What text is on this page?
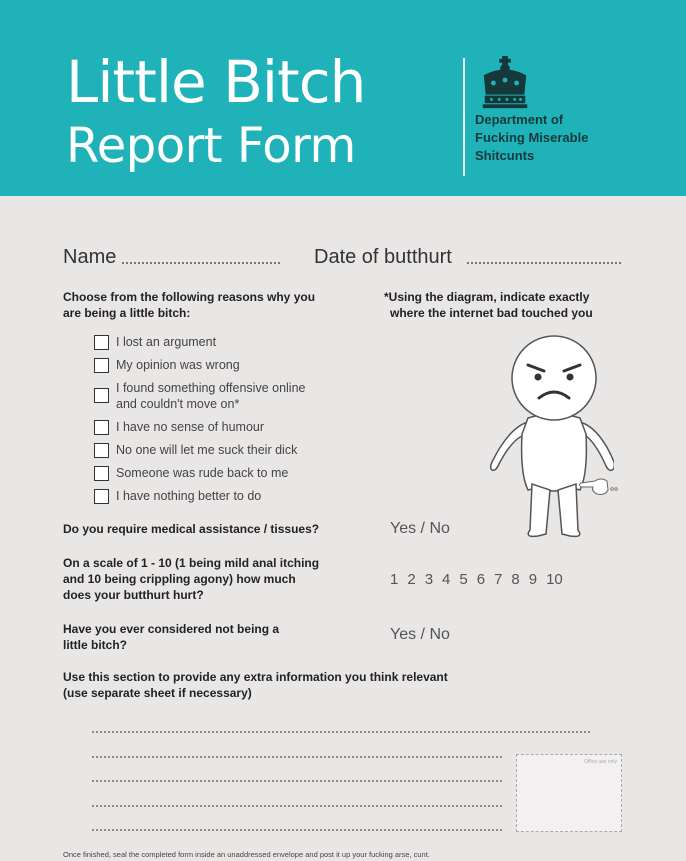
Little Bitch
Report Form	Department of
Fucking Miserable
Shitcunts
Name	Date of butthurt
Choose from the following reasons why you
are being a little bitch:
I lost an argument
My opinion was wrong
I found something offensive online
and couldn't move on*
I have no sense of humour
No one will let me suck their dick
Someone was rude back to me
I have nothing better to do
*Using the diagram, indicate exactly
where the internet bad touched you
Do you require medical assistance / tissues?	Yes / No
On a scale of 1 - 10 (1 being mild anal itching
and 10 being crippling agony) how much
does your butthurt hurt?
1 2 3 4 5 6 7 8 9 10
Have you ever considered not being a
little bitch?
Yes / No
Use this section to provide any extra information you think relevant
(use separate sheet if necessary)
Office use only
Once finished, seal the completed form inside an unaddressed envelope and post it up your fucking arse, cunt.
